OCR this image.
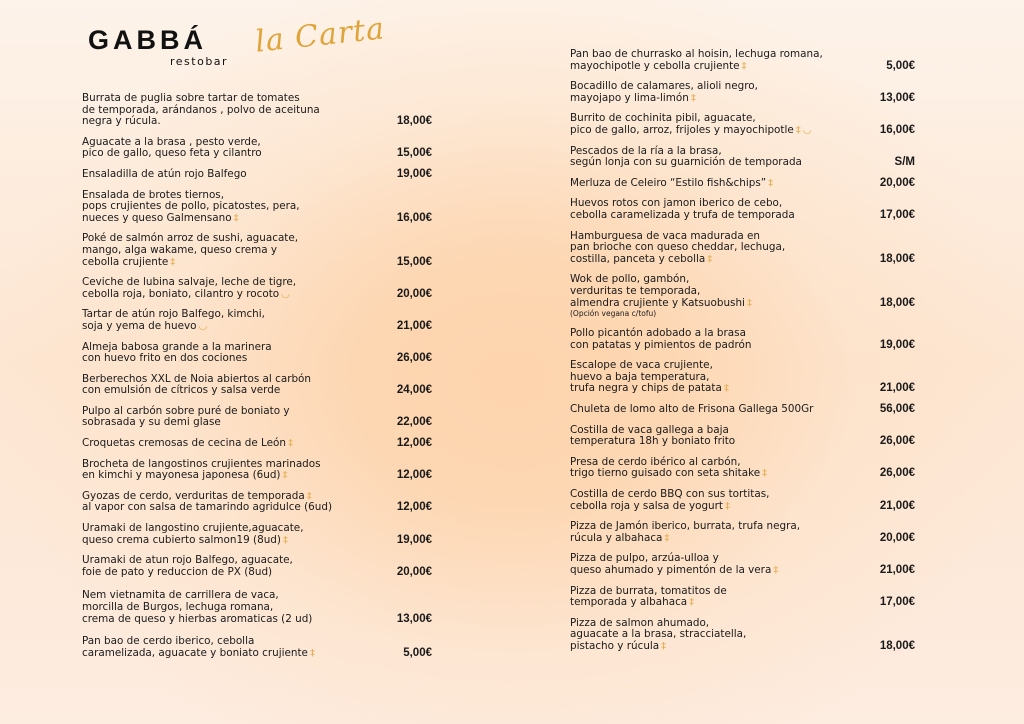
GABBÁ
restobar
la Carta
Burrata de puglia sobre tartar de tomates
de temporada, arándanos , polvo de aceituna
negra y rúcula.	18,00€
Aguacate a la brasa , pesto verde,
pico de gallo, queso feta y cilantro	15,00€
Ensaladilla de atún rojo Balfego	19,00€
Ensalada de brotes tiernos,
pops crujientes de pollo, picatostes, pera,
nueces y queso Galmensano ‡	16,00€
Poké de salmón arroz de sushi, aguacate,
mango, alga wakame, queso crema y
cebolla crujiente ‡	15,00€
Ceviche de lubina salvaje, leche de tigre,
cebolla roja, boniato, cilantro y rocoto ◡	20,00€
Tartar de atún rojo Balfego, kimchi,
soja y yema de huevo ◡	21,00€
Almeja babosa grande a la marinera
con huevo frito en dos cociones	26,00€
Berberechos XXL de Noia abiertos al carbón
con emulsión de cítricos y salsa verde	24,00€
Pulpo al carbón sobre puré de boniato y
sobrasada y su demi glase	22,00€
Croquetas cremosas de cecina de León ‡	12,00€
Brocheta de langostinos crujientes marinados
en kimchi y mayonesa japonesa (6ud) ‡	12,00€
Gyozas de cerdo, verduritas de temporada ‡
al vapor con salsa de tamarindo agridulce (6ud)	12,00€
Uramaki de langostino crujiente,aguacate,
queso crema cubierto salmon19 (8ud) ‡	19,00€
Uramaki de atun rojo Balfego, aguacate,
foie de pato y reduccion de PX (8ud)	20,00€
Nem vietnamita de carrillera de vaca,
morcilla de Burgos, lechuga romana,
crema de queso y hierbas aromaticas (2 ud)	13,00€
Pan bao de cerdo iberico, cebolla
caramelizada, aguacate y boniato crujiente ‡	5,00€
Pan bao de churrasko al hoisin, lechuga romana,
mayochipotle y cebolla crujiente ‡	5,00€
Bocadillo de calamares, alioli negro,
mayojapo y lima-limón ‡	13,00€
Burrito de cochinita pibil, aguacate,
pico de gallo, arroz, frijoles y mayochipotle ‡ ◡	16,00€
Pescados de la ría a la brasa,
según lonja con su guarnición de temporada	S/M
Merluza de Celeiro “Estilo fish&chips” ‡	20,00€
Huevos rotos con jamon iberico de cebo,
cebolla caramelizada y trufa de temporada	17,00€
Hamburguesa de vaca madurada en
pan brioche con queso cheddar, lechuga,
costilla, panceta y cebolla ‡	18,00€
Wok de pollo, gambón,
verduritas te temporada,
almendra crujiente y Katsuobushi ‡
(Opción vegana c/tofu)
18,00€
Pollo picantón adobado a la brasa
con patatas y pimientos de padrón	19,00€
Escalope de vaca crujiente,
huevo a baja temperatura,
trufa negra y chips de patata ‡	21,00€
Chuleta de lomo alto de Frisona Gallega 500Gr	56,00€
Costilla de vaca gallega a baja
temperatura 18h y boniato frito	26,00€
Presa de cerdo ibérico al carbón,
trigo tierno guisado con seta shitake ‡	26,00€
Costilla de cerdo BBQ con sus tortitas,
cebolla roja y salsa de yogurt ‡	21,00€
Pizza de Jamón iberico, burrata, trufa negra,
rúcula y albahaca ‡	20,00€
Pizza de pulpo, arzúa-ulloa y
queso ahumado y pimentón de la vera ‡	21,00€
Pizza de burrata, tomatitos de
temporada y albahaca ‡	17,00€
Pizza de salmon ahumado,
aguacate a la brasa, stracciatella,
pistacho y rúcula ‡	18,00€
